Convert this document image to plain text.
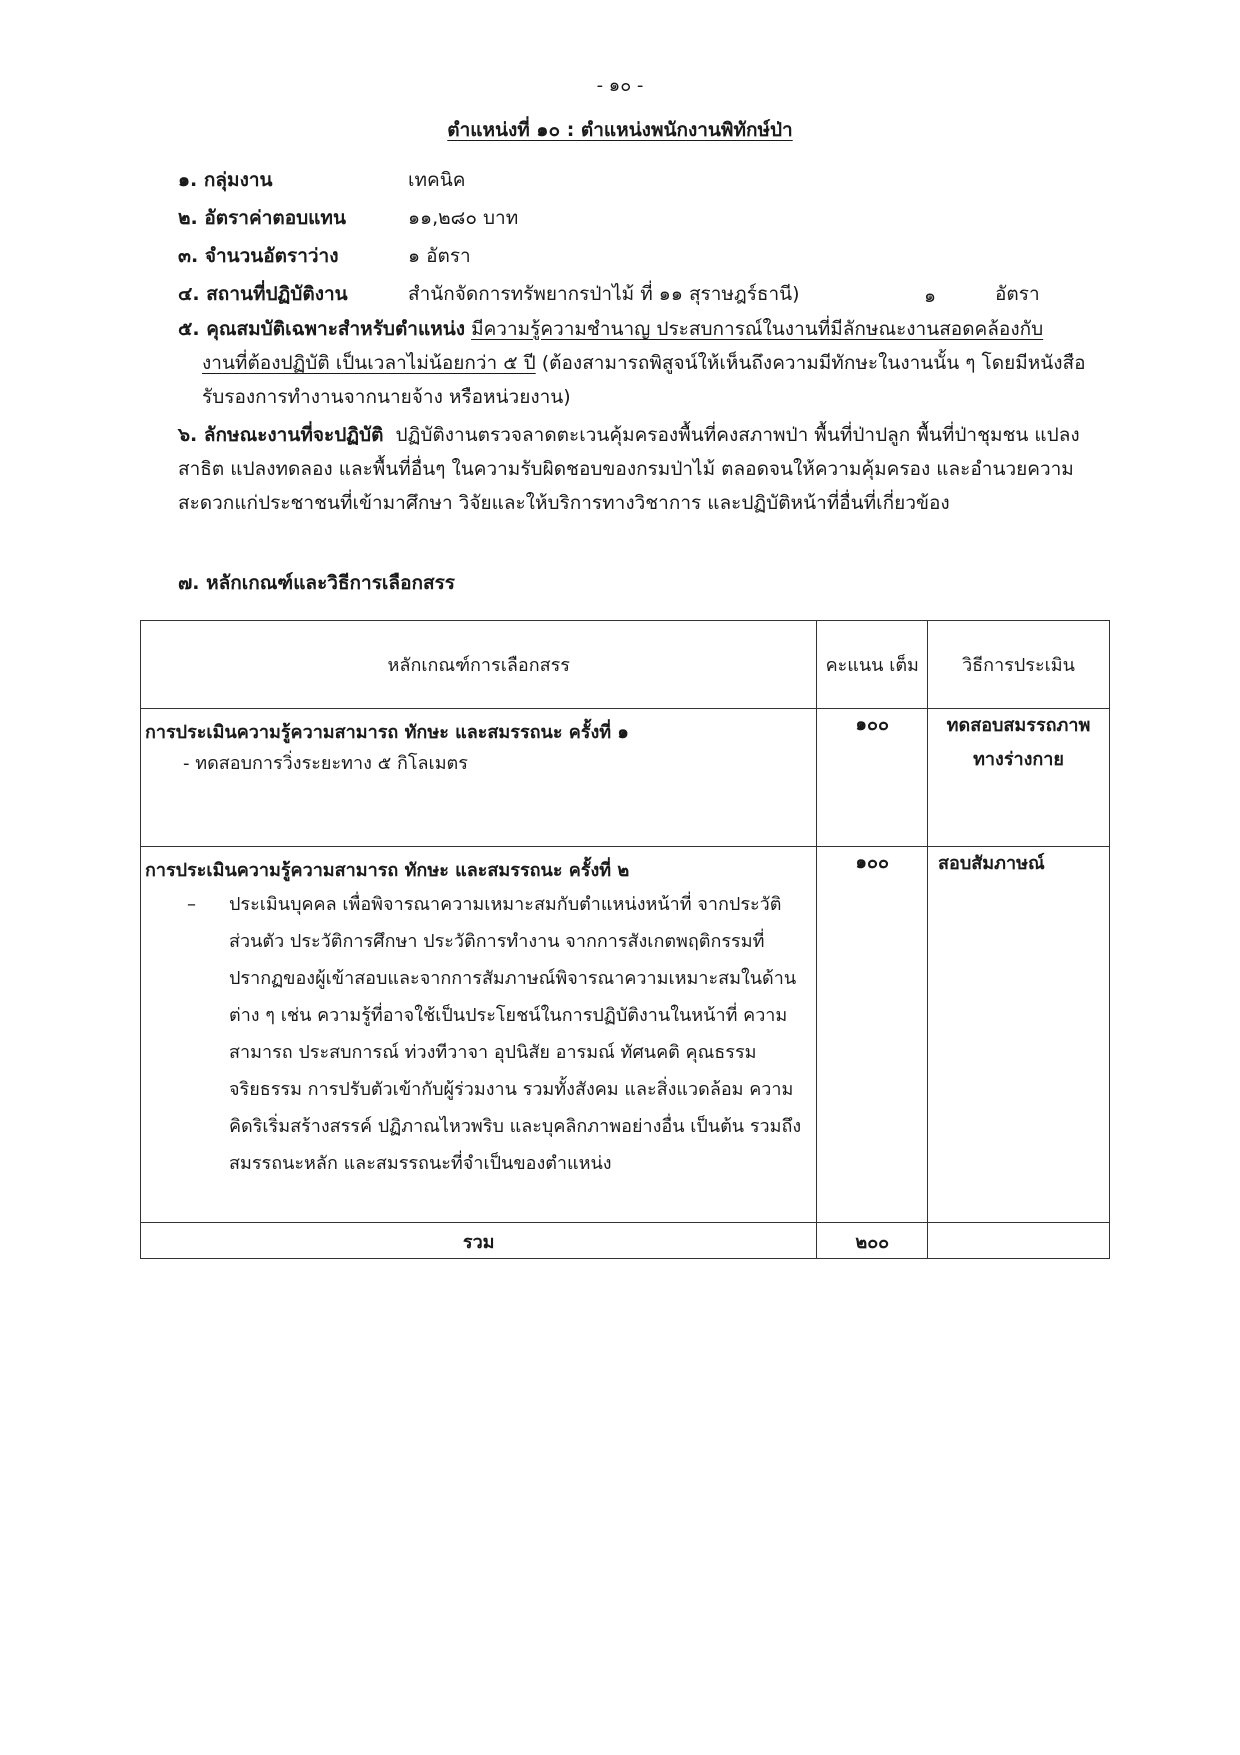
- ๑๐ -
ตำแหน่งที่ ๑๐ : ตำแหน่งพนักงานพิทักษ์ป่า
๑. กลุ่มงาน	เทคนิค
๒. อัตราค่าตอบแทน	๑๑,๒๘๐ บาท
๓. จำนวนอัตราว่าง	๑ อัตรา
๔. สถานที่ปฏิบัติงาน	สำนักจัดการทรัพยากรป่าไม้ ที่ ๑๑ สุราษฎร์ธานี)	๑	อัตรา
๕. คุณสมบัติเฉพาะสำหรับตำแหน่ง มีความรู้ความชำนาญ ประสบการณ์ในงานที่มีลักษณะงานสอดคล้องกับ
งานที่ต้องปฏิบัติ เป็นเวลาไม่น้อยกว่า ๕ ปี (ต้องสามารถพิสูจน์ให้เห็นถึงความมีทักษะในงานนั้น ๆ โดยมีหนังสือรับรองการทำงานจากนายจ้าง หรือหน่วยงาน)
๖. ลักษณะงานที่จะปฏิบัติ ปฏิบัติงานตรวจลาดตะเวนคุ้มครองพื้นที่คงสภาพป่า พื้นที่ป่าปลูก พื้นที่ป่าชุมชน แปลงสาธิต แปลงทดลอง และพื้นที่อื่นๆ ในความรับผิดชอบของกรมป่าไม้ ตลอดจนให้ความคุ้มครอง และอำนวยความสะดวกแก่ประชาชนที่เข้ามาศึกษา วิจัยและให้บริการทางวิชาการ และปฏิบัติหน้าที่อื่นที่เกี่ยวข้อง
๗. หลักเกณฑ์และวิธีการเลือกสรร
หลักเกณฑ์การเลือกสรร	คะแนน เต็ม	วิธีการประเมิน

การประเมินความรู้ความสามารถ ทักษะ และสมรรถนะ ครั้งที่ ๑
- ทดสอบการวิ่งระยะทาง ๕ กิโลเมตร	๑๐๐	ทดสอบสมรรถภาพ ทางร่างกาย

การประเมินความรู้ความสามารถ ทักษะ และสมรรถนะ ครั้งที่ ๒
– ประเมินบุคคล เพื่อพิจารณาความเหมาะสมกับตำแหน่งหน้าที่ จากประวัติส่วนตัว ประวัติการศึกษา ประวัติการทำงาน จากการสังเกตพฤติกรรมที่ปรากฏของผู้เข้าสอบและจากการสัมภาษณ์พิจารณาความเหมาะสมในด้านต่าง ๆ เช่น ความรู้ที่อาจใช้เป็นประโยชน์ในการปฏิบัติงานในหน้าที่ ความสามารถ ประสบการณ์ ท่วงทีวาจา อุปนิสัย อารมณ์ ทัศนคติ คุณธรรม จริยธรรม การปรับตัวเข้ากับผู้ร่วมงาน รวมทั้งสังคม และสิ่งแวดล้อม ความคิดริเริ่มสร้างสรรค์ ปฏิภาณไหวพริบ และบุคลิกภาพอย่างอื่น เป็นต้น รวมถึงสมรรถนะหลัก และสมรรถนะที่จำเป็นของตำแหน่ง	๑๐๐	สอบสัมภาษณ์
รวม	๒๐๐	
